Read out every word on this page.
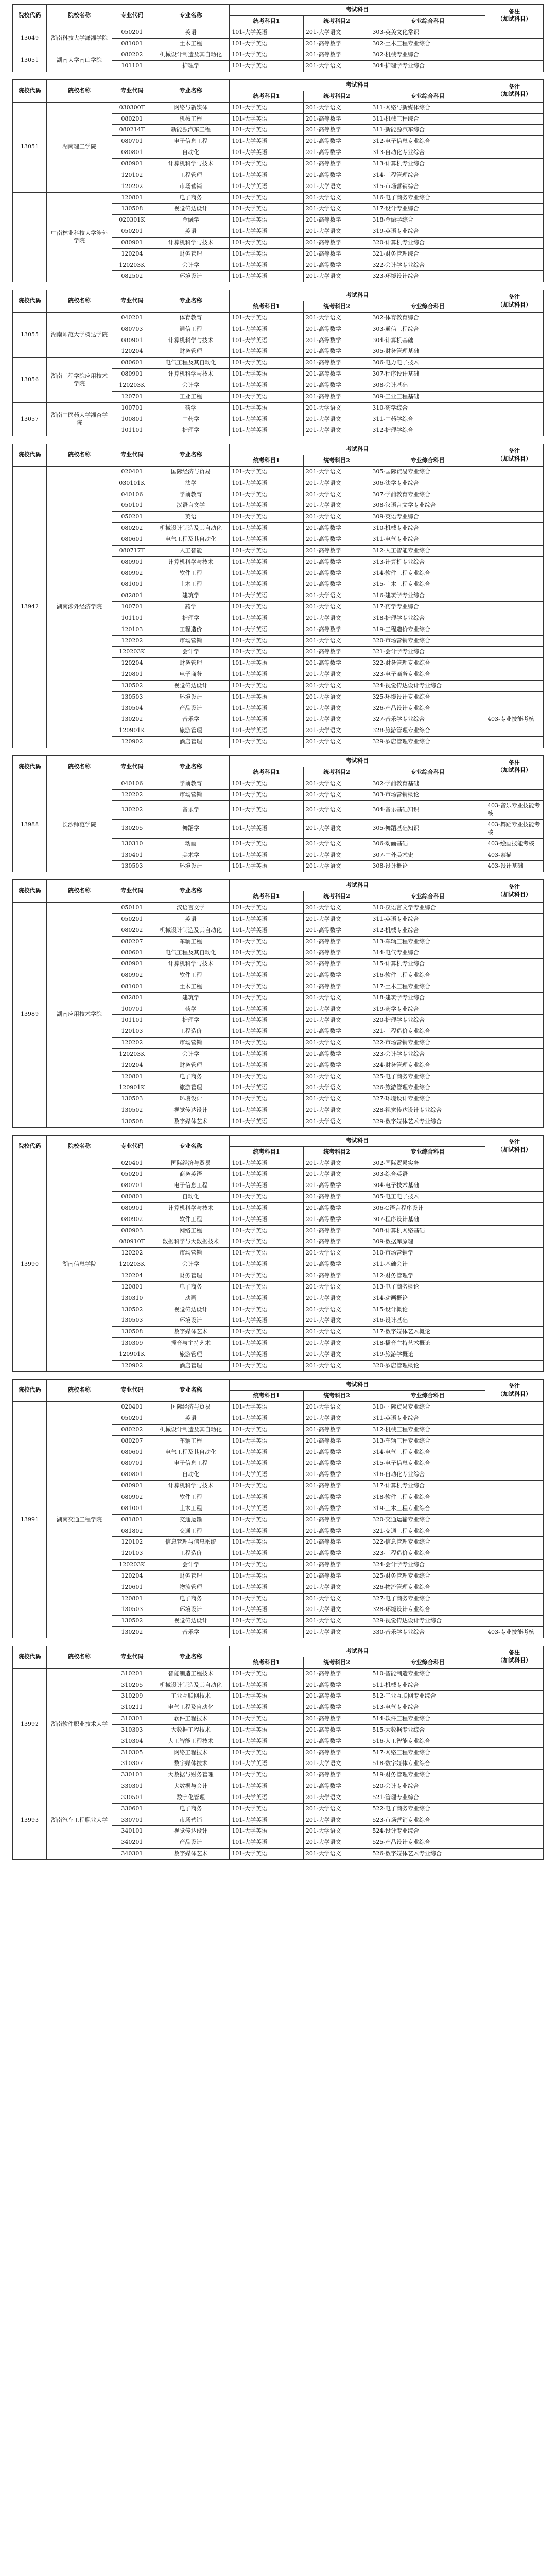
院校代码	院校名称	专业代码	专业名称	考试科目			备注
（加试科目）

				统考科目1	统考科目2	专业综合科目	
13049	湖南科技大学潇湘学院	050201	英语	101-大学英语	201-大学语文	303-英美文化常识	
		081001	土木工程	101-大学英语	201-高等数学	302-土木工程专业综合	
13051	湖南大学南山学院	080202	机械设计制造及其自动化	101-大学英语	201-高等数学	302-机械专业综合	
		101101	护理学	101-大学英语	201-大学语文	304-护理学专业综合	
院校代码	院校名称	专业代码	专业名称	考试科目			备注
（加试科目）

				统考科目1	统考科目2	专业综合科目	
13051	湖南理工学院	030300T	网络与新媒体	101-大学英语	201-大学语文	311-网络与新媒体综合	
		080201	机械工程	101-大学英语	201-高等数学	311-机械工程综合	
		080214T	新能源汽车工程	101-大学英语	201-高等数学	311-新能源汽车综合	
		080701	电子信息工程	101-大学英语	201-高等数学	312-电子信息专业综合	
		080801	自动化	101-大学英语	201-高等数学	313-自动化专业综合	
		080901	计算机科学与技术	101-大学英语	201-高等数学	313-计算机专业综合	
		120102	工程管理	101-大学英语	201-高等数学	314-工程管理综合	
		120202	市场营销	101-大学英语	201-大学语文	315-市场营销综合	
	中南林业科技大学涉外学院	120801	电子商务	101-大学英语	201-大学语文	316-电子商务专业综合	
		130508	视觉传达设计	101-大学英语	201-大学语文	317-设计专业综合	
		020301K	金融学	101-大学英语	201-高等数学	318-金融学综合	
		050201	英语	101-大学英语	201-大学语文	319-英语专业综合	
		080901	计算机科学与技术	101-大学英语	201-高等数学	320-计算机专业综合	
		120204	财务管理	101-大学英语	201-高等数学	321-财务管理综合	
		120203K	会计学	101-大学英语	201-高等数学	322-会计学专业综合	
		082502	环境设计	101-大学英语	201-大学语文	323-环境设计综合	
院校代码	院校名称	专业代码	专业名称	考试科目			备注
（加试科目）

				统考科目1	统考科目2	专业综合科目	
13055	湖南师范大学树达学院	040201	体育教育	101-大学英语	201-大学语文	302-体育教育综合	
		080703	通信工程	101-大学英语	201-高等数学	303-通信工程综合	
		080901	计算机科学与技术	101-大学英语	201-高等数学	304-计算机基础	
		120204	财务管理	101-大学英语	201-高等数学	305-财务管理基础	
13056	湖南工程学院应用技术学院	080601	电气工程及其自动化	101-大学英语	201-高等数学	306-电力电子技术	
		080901	计算机科学与技术	101-大学英语	201-高等数学	307-程序设计基础	
		120203K	会计学	101-大学英语	201-高等数学	308-会计基础	
		120701	工业工程	101-大学英语	201-高等数学	309-工业工程基础	
13057	湖南中医药大学湘杏学院	100701	药学	101-大学英语	201-大学语文	310-药学综合	
		100801	中药学	101-大学英语	201-大学语文	311-中药学综合	
		101101	护理学	101-大学英语	201-大学语文	312-护理学综合	
院校代码	院校名称	专业代码	专业名称	考试科目			备注
（加试科目）

				统考科目1	统考科目2	专业综合科目	
13942	湖南涉外经济学院	020401	国际经济与贸易	101-大学英语	201-大学语文	305-国际贸易专业综合	
		030101K	法学	101-大学英语	201-大学语文	306-法学专业综合	
		040106	学前教育	101-大学英语	201-大学语文	307-学前教育专业综合	
		050101	汉语言文学	101-大学英语	201-大学语文	308-汉语言文学专业综合	
		050201	英语	101-大学英语	201-大学语文	309-英语专业综合	
		080202	机械设计制造及其自动化	101-大学英语	201-高等数学	310-机械专业综合	
		080601	电气工程及其自动化	101-大学英语	201-高等数学	311-电气专业综合	
		080717T	人工智能	101-大学英语	201-高等数学	312-人工智能专业综合	
		080901	计算机科学与技术	101-大学英语	201-高等数学	313-计算机专业综合	
		080902	软件工程	101-大学英语	201-高等数学	314-软件工程专业综合	
		081001	土木工程	101-大学英语	201-高等数学	315-土木工程专业综合	
		082801	建筑学	101-大学英语	201-大学语文	316-建筑学专业综合	
		100701	药学	101-大学英语	201-大学语文	317-药学专业综合	
		101101	护理学	101-大学英语	201-大学语文	318-护理学专业综合	
		120103	工程造价	101-大学英语	201-高等数学	319-工程造价专业综合	
		120202	市场营销	101-大学英语	201-大学语文	320-市场营销专业综合	
		120203K	会计学	101-大学英语	201-高等数学	321-会计学专业综合	
		120204	财务管理	101-大学英语	201-高等数学	322-财务管理专业综合	
		120801	电子商务	101-大学英语	201-大学语文	323-电子商务专业综合	
		130502	视觉传达设计	101-大学英语	201-大学语文	324-视觉传达设计专业综合	
		130503	环境设计	101-大学英语	201-大学语文	325-环境设计专业综合	
		130504	产品设计	101-大学英语	201-大学语文	326-产品设计专业综合	
		130202	音乐学	101-大学英语	201-大学语文	327-音乐学专业综合	403-专业技能考核
		120901K	旅游管理	101-大学英语	201-大学语文	328-旅游管理专业综合	
		120902	酒店管理	101-大学英语	201-大学语文	329-酒店管理专业综合	
院校代码	院校名称	专业代码	专业名称	考试科目			备注
（加试科目）

				统考科目1	统考科目2	专业综合科目	
13988	长沙师范学院	040106	学前教育	101-大学英语	201-大学语文	302-学前教育基础	
		120202	市场营销	101-大学英语	201-大学语文	303-市场营销概论	
		130202	音乐学	101-大学英语	201-大学语文	304-音乐基础知识	403-音乐专业技能考核
		130205	舞蹈学	101-大学英语	201-大学语文	305-舞蹈基础知识	403-舞蹈专业技能考核
		130310	动画	101-大学英语	201-大学语文	306-动画基础	403-绘画技能考核
		130401	美术学	101-大学英语	201-大学语文	307-中外美术史	403-素描
		130503	环境设计	101-大学英语	201-大学语文	308-设计概论	403-设计基础
院校代码	院校名称	专业代码	专业名称	考试科目			备注
（加试科目）

				统考科目1	统考科目2	专业综合科目	
13989	湖南应用技术学院	050101	汉语言文学	101-大学英语	201-大学语文	310-汉语言文学专业综合	
		050201	英语	101-大学英语	201-大学语文	311-英语专业综合	
		080202	机械设计制造及其自动化	101-大学英语	201-高等数学	312-机械专业综合	
		080207	车辆工程	101-大学英语	201-高等数学	313-车辆工程专业综合	
		080601	电气工程及其自动化	101-大学英语	201-高等数学	314-电气专业综合	
		080901	计算机科学与技术	101-大学英语	201-高等数学	315-计算机专业综合	
		080902	软件工程	101-大学英语	201-高等数学	316-软件工程专业综合	
		081001	土木工程	101-大学英语	201-高等数学	317-土木工程专业综合	
		082801	建筑学	101-大学英语	201-大学语文	318-建筑学专业综合	
		100701	药学	101-大学英语	201-大学语文	319-药学专业综合	
		101101	护理学	101-大学英语	201-大学语文	320-护理学专业综合	
		120103	工程造价	101-大学英语	201-高等数学	321-工程造价专业综合	
		120202	市场营销	101-大学英语	201-大学语文	322-市场营销专业综合	
		120203K	会计学	101-大学英语	201-高等数学	323-会计学专业综合	
		120204	财务管理	101-大学英语	201-高等数学	324-财务管理专业综合	
		120801	电子商务	101-大学英语	201-大学语文	325-电子商务专业综合	
		120901K	旅游管理	101-大学英语	201-大学语文	326-旅游管理专业综合	
		130503	环境设计	101-大学英语	201-大学语文	327-环境设计专业综合	
		130502	视觉传达设计	101-大学英语	201-大学语文	328-视觉传达设计专业综合	
		130508	数字媒体艺术	101-大学英语	201-大学语文	329-数字媒体艺术专业综合	
院校代码	院校名称	专业代码	专业名称	考试科目			备注
（加试科目）

				统考科目1	统考科目2	专业综合科目	
13990	湖南信息学院	020401	国际经济与贸易	101-大学英语	201-大学语文	302-国际贸易实务	
		050201	商务英语	101-大学英语	201-大学语文	303-综合英语	
		080701	电子信息工程	101-大学英语	201-高等数学	304-电子技术基础	
		080801	自动化	101-大学英语	201-高等数学	305-电工电子技术	
		080901	计算机科学与技术	101-大学英语	201-高等数学	306-C语言程序设计	
		080902	软件工程	101-大学英语	201-高等数学	307-程序设计基础	
		080903	网络工程	101-大学英语	201-高等数学	308-计算机网络基础	
		080910T	数据科学与大数据技术	101-大学英语	201-高等数学	309-数据库原理	
		120202	市场营销	101-大学英语	201-大学语文	310-市场营销学	
		120203K	会计学	101-大学英语	201-高等数学	311-基础会计	
		120204	财务管理	101-大学英语	201-高等数学	312-财务管理学	
		120801	电子商务	101-大学英语	201-大学语文	313-电子商务概论	
		130310	动画	101-大学英语	201-大学语文	314-动画概论	
		130502	视觉传达设计	101-大学英语	201-大学语文	315-设计概论	
		130503	环境设计	101-大学英语	201-大学语文	316-设计基础	
		130508	数字媒体艺术	101-大学英语	201-大学语文	317-数字媒体艺术概论	
		130309	播音与主持艺术	101-大学英语	201-大学语文	318-播音主持艺术概论	
		120901K	旅游管理	101-大学英语	201-大学语文	319-旅游学概论	
		120902	酒店管理	101-大学英语	201-大学语文	320-酒店管理概论	
院校代码	院校名称	专业代码	专业名称	考试科目			备注
（加试科目）

				统考科目1	统考科目2	专业综合科目	
13991	湖南交通工程学院	020401	国际经济与贸易	101-大学英语	201-大学语文	310-国际贸易专业综合	
		050201	英语	101-大学英语	201-大学语文	311-英语专业综合	
		080202	机械设计制造及其自动化	101-大学英语	201-高等数学	312-机械工程专业综合	
		080207	车辆工程	101-大学英语	201-高等数学	313-车辆工程专业综合	
		080601	电气工程及其自动化	101-大学英语	201-高等数学	314-电气工程专业综合	
		080701	电子信息工程	101-大学英语	201-高等数学	315-电子信息专业综合	
		080801	自动化	101-大学英语	201-高等数学	316-自动化专业综合	
		080901	计算机科学与技术	101-大学英语	201-高等数学	317-计算机专业综合	
		080902	软件工程	101-大学英语	201-高等数学	318-软件工程专业综合	
		081001	土木工程	101-大学英语	201-高等数学	319-土木工程专业综合	
		081801	交通运输	101-大学英语	201-高等数学	320-交通运输专业综合	
		081802	交通工程	101-大学英语	201-高等数学	321-交通工程专业综合	
		120102	信息管理与信息系统	101-大学英语	201-高等数学	322-信息管理专业综合	
		120103	工程造价	101-大学英语	201-高等数学	323-工程造价专业综合	
		120203K	会计学	101-大学英语	201-高等数学	324-会计学专业综合	
		120204	财务管理	101-大学英语	201-高等数学	325-财务管理专业综合	
		120601	物流管理	101-大学英语	201-大学语文	326-物流管理专业综合	
		120801	电子商务	101-大学英语	201-大学语文	327-电子商务专业综合	
		130503	环境设计	101-大学英语	201-大学语文	328-环境设计专业综合	
		130502	视觉传达设计	101-大学英语	201-大学语文	329-视觉传达设计专业综合	
		130202	音乐学	101-大学英语	201-大学语文	330-音乐学专业综合	403-专业技能考核
院校代码	院校名称	专业代码	专业名称	考试科目			备注
（加试科目）

				统考科目1	统考科目2	专业综合科目	
13992	湖南软件职业技术大学	310201	智能制造工程技术	101-大学英语	201-高等数学	510-智能制造专业综合	
		310205	机械设计制造及其自动化	101-大学英语	201-高等数学	511-机械专业综合	
		310209	工业互联网技术	101-大学英语	201-高等数学	512-工业互联网专业综合	
		310211	电气工程及自动化	101-大学英语	201-高等数学	513-电气专业综合	
		310301	软件工程技术	101-大学英语	201-高等数学	514-软件工程专业综合	
		310303	大数据工程技术	101-大学英语	201-高等数学	515-大数据专业综合	
		310304	人工智能工程技术	101-大学英语	201-高等数学	516-人工智能专业综合	
		310305	网络工程技术	101-大学英语	201-高等数学	517-网络工程专业综合	
		310307	数字媒体技术	101-大学英语	201-大学语文	518-数字媒体专业综合	
		330101	大数据与财务管理	101-大学英语	201-高等数学	519-财务管理专业综合	
13993	湖南汽车工程职业大学	330301	大数据与会计	101-大学英语	201-高等数学	520-会计专业综合	
		330501	数字化管理	101-大学英语	201-大学语文	521-管理专业综合	
		330601	电子商务	101-大学英语	201-大学语文	522-电子商务专业综合	
		330701	市场营销	101-大学英语	201-大学语文	523-市场营销专业综合	
		340101	视觉传达设计	101-大学英语	201-大学语文	524-设计专业综合	
		340201	产品设计	101-大学英语	201-大学语文	525-产品设计专业综合	
		340301	数字媒体艺术	101-大学英语	201-大学语文	526-数字媒体艺术专业综合	
